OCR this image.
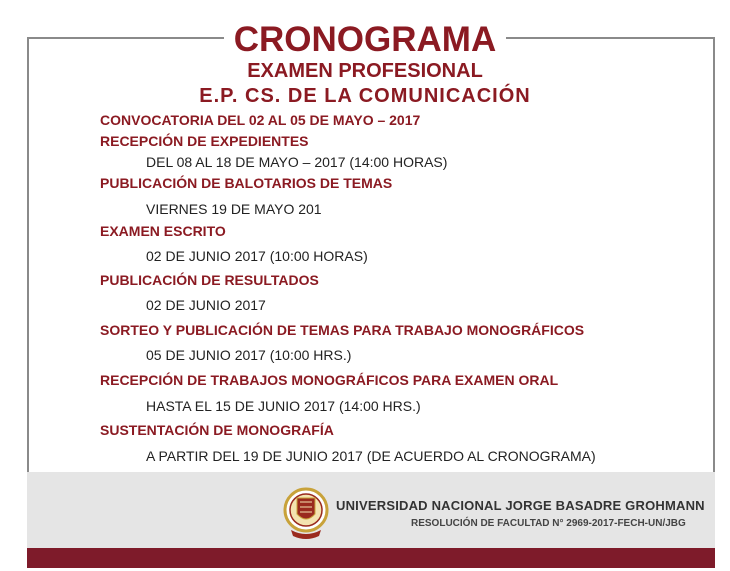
CRONOGRAMA
EXAMEN PROFESIONAL
E.P. CS. DE LA COMUNICACIÓN
CONVOCATORIA DEL 02 AL 05 DE MAYO – 2017
RECEPCIÓN DE EXPEDIENTES
DEL 08 AL 18 DE MAYO – 2017 (14:00 HORAS)
PUBLICACIÓN DE BALOTARIOS DE TEMAS
VIERNES 19 DE MAYO 201
EXAMEN ESCRITO
02 DE JUNIO 2017 (10:00 HORAS)
PUBLICACIÓN DE RESULTADOS
02 DE JUNIO 2017
SORTEO Y PUBLICACIÓN DE TEMAS PARA TRABAJO MONOGRÁFICOS
05 DE JUNIO 2017 (10:00 HRS.)
RECEPCIÓN DE TRABAJOS MONOGRÁFICOS PARA EXAMEN ORAL
HASTA EL 15 DE JUNIO 2017 (14:00 HRS.)
SUSTENTACIÓN DE MONOGRAFÍA
A PARTIR DEL 19 DE JUNIO 2017 (DE ACUERDO AL CRONOGRAMA)
UNIVERSIDAD NACIONAL JORGE BASADRE GROHMANN
RESOLUCIÓN DE FACULTAD N° 2969-2017-FECH-UN/JBG
